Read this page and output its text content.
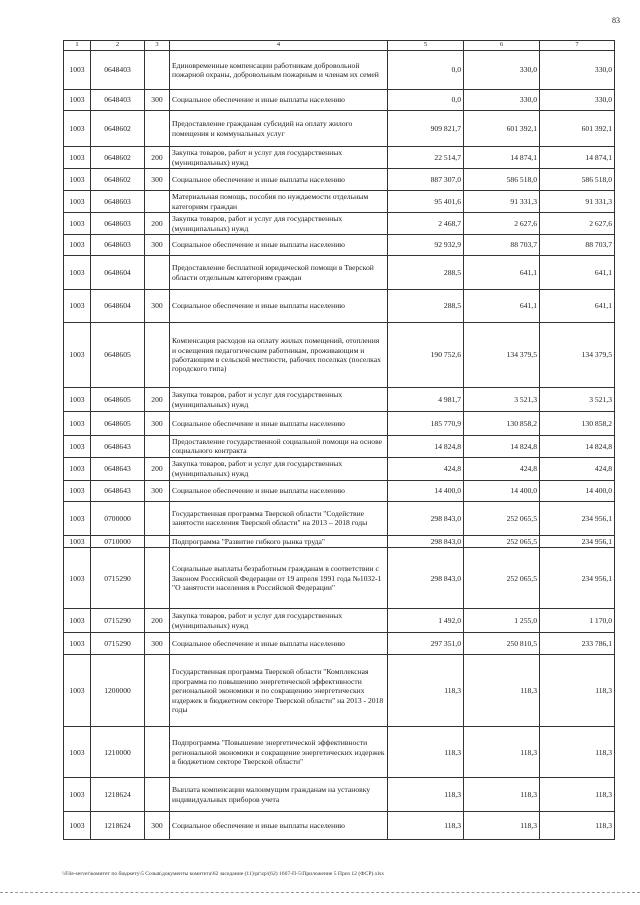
83
1	2	3	4	5	6	7
1003	0648403		Единовременные компенсации работникам добровольной пожарной охраны, добровольным пожарным и членам их семей	0,0	330,0	330,0
1003	0648403	300	Социальное обеспечение и иные выплаты населению	0,0	330,0	330,0
1003	0648602		Предоставление гражданам субсидий на оплату жилого помещения и коммунальных услуг	909 821,7	601 392,1	601 392,1
1003	0648602	200	Закупка товаров, работ и услуг для государственных (муниципальных) нужд	22 514,7	14 874,1	14 874,1
1003	0648602	300	Социальное обеспечение и иные выплаты населению	887 307,0	586 518,0	586 518,0
1003	0648603		Материальная помощь, пособия по нуждаемости отдельным категориям граждан	95 401,6	91 331,3	91 331,3
1003	0648603	200	Закупка товаров, работ и услуг для государственных (муниципальных) нужд	2 468,7	2 627,6	2 627,6
1003	0648603	300	Социальное обеспечение и иные выплаты населению	92 932,9	88 703,7	88 703,7
1003	0648604		Предоставление бесплатной юридической помощи в Тверской области отдельным категориям граждан	288,5	641,1	641,1
1003	0648604	300	Социальное обеспечение и иные выплаты населению	288,5	641,1	641,1
1003	0648605		Компенсация расходов на оплату жилых помещений, отопления и освещения педагогическим работникам, проживающим и работающим в сельской местности, рабочих поселках (поселках городского типа)	190 752,6	134 379,5	134 379,5
1003	0648605	200	Закупка товаров, работ и услуг для государственных (муниципальных) нужд	4 981,7	3 521,3	3 521,3
1003	0648605	300	Социальное обеспечение и иные выплаты населению	185 770,9	130 858,2	130 858,2
1003	0648643		Предоставление государственной социальной помощи на основе социального контракта	14 824,8	14 824,8	14 824,8
1003	0648643	200	Закупка товаров, работ и услуг для государственных (муниципальных) нужд	424,8	424,8	424,8
1003	0648643	300	Социальное обеспечение и иные выплаты населению	14 400,0	14 400,0	14 400,0
1003	0700000		Государственная программа Тверской области "Содействие занятости населения Тверской области" на 2013 – 2018 годы	298 843,0	252 065,5	234 956,1
1003	0710000		Подпрограмма "Развитие гибкого рынка труда"	298 843,0	252 065,5	234 956,1
1003	0715290		Социальные выплаты безработным гражданам в соответствии с Законом Российской Федерации от 19 апреля 1991 года №1032-1 "О занятости населения в Российской Федерации"	298 843,0	252 065,5	234 956,1
1003	0715290	200	Закупка товаров, работ и услуг для государственных (муниципальных) нужд	1 492,0	1 255,0	1 170,0
1003	0715290	300	Социальное обеспечение и иные выплаты населению	297 351,0	250 810,5	233 786,1
1003	1200000		Государственная программа Тверской области "Комплексная программа по повышению энергетической эффективности региональной экономики и по сокращению энергетических издержек в бюджетном секторе Тверской области" на 2013 - 2018 годы	118,3	118,3	118,3
1003	1210000		Подпрограмма "Повышение энергетической эффективности региональной экономики и сокращение энергетических издержек в бюджетном секторе Тверской области"	118,3	118,3	118,3
1003	1218624		Выплата компенсации малоимущим гражданам на установку индивидуальных приборов учета	118,3	118,3	118,3
1003	1218624	300	Социальное обеспечение и иные выплаты населению	118,3	118,3	118,3
\\File-server\комитет по бюджету\5 Созыв\документы комитета\62 заседание (11)\pr\zp\(62) 1667-П-5\Приложение 5 Приз 12 (ФСР).xlsx
